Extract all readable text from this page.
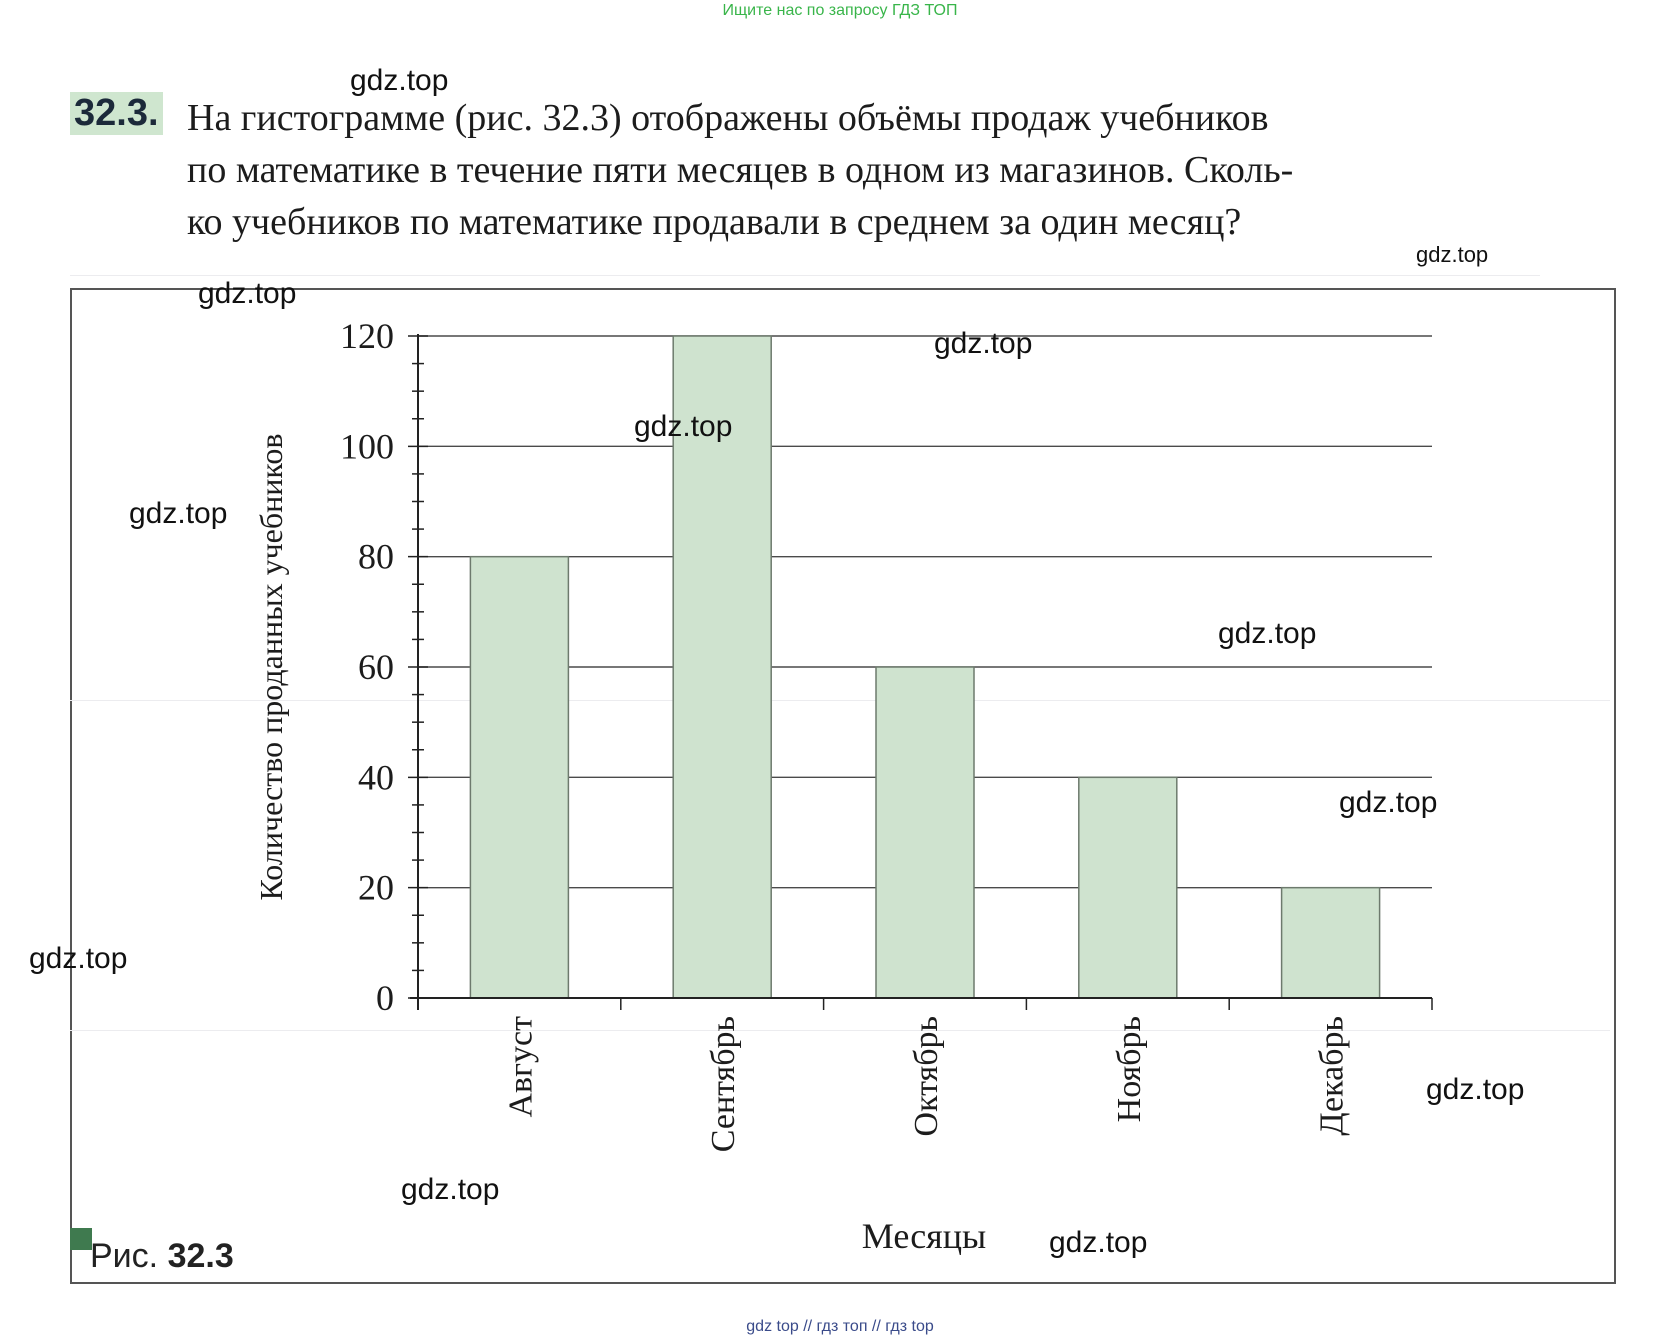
Ищите нас по запросу ГДЗ ТОП
32.3. На гистограмме (рис. 32.3) отображены объёмы продаж учебников
по математике в течение пяти месяцев в одном из магазинов. Сколь-
ко учебников по математике продавали в среднем за один месяц?
Август	Сентябрь	Октябрь	Ноябрь	Декабрь
0
20
40
60
80
100
120
Количество проданных учебников
Месяцы
Рис. 32.3
gdz.top
gdz.top
gdz.top
gdz.top
gdz.top
gdz.top
gdz.top
gdz.top
gdz.top
gdz.top
gdz.top
gdz.top
gdz top // гдз топ // гдз top
